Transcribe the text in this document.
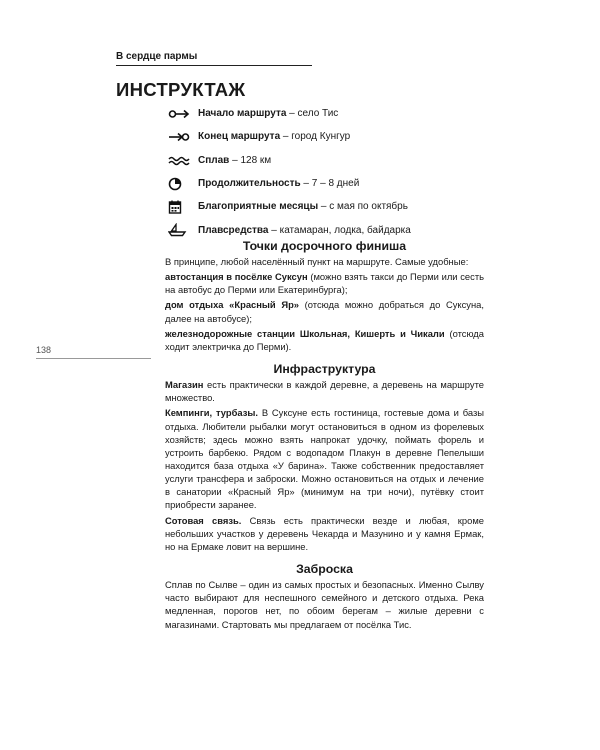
В сердце пармы
ИНСТРУКТАЖ
Начало маршрута – село Тис
Конец маршрута – город Кунгур
Сплав – 128 км
Продолжительность – 7 – 8 дней
Благоприятные месяцы – с мая по октябрь
Плавсредства – катамаран, лодка, байдарка
138
Точки досрочного финиша

В принципе, любой населённый пункт на маршруте. Самые удобные:

автостанция в посёлке Суксун (можно взять такси до Перми или сесть на автобус до Перми или Екатеринбурга);

дом отдыха «Красный Яр» (отсюда можно добраться до Суксуна, далее на автобусе);

железнодорожные станции Школьная, Кишерть и Чикали (отсюда ходит электричка до Перми).

Инфраструктура

Магазин есть практически в каждой деревне, а деревень на маршруте множество.

Кемпинги, турбазы. В Суксуне есть гостиница, гостевые дома и базы отдыха. Любители рыбалки могут остановиться в одном из форелевых хозяйств; здесь можно взять напрокат удочку, поймать форель и устроить барбекю. Рядом с водопадом Плакун в деревне Пепелыши находится база отдыха «У барина». Также собственник предоставляет услуги трансфера и заброски. Можно остановиться на отдых и лечение в санатории «Красный Яр» (минимум на три ночи), путёвку стоит приобрести заранее.

Сотовая связь. Связь есть практически везде и любая, кроме небольших участков у деревень Чекарда и Мазунино и у камня Ермак, но на Ермаке ловит на вершине.

Заброска

Сплав по Сылве – один из самых простых и безопасных. Именно Сылву часто выбирают для неспешного семейного и детского отдыха. Река медленная, порогов нет, по обоим берегам – жилые деревни с магазинами. Стартовать мы предлагаем от посёлка Тис.
